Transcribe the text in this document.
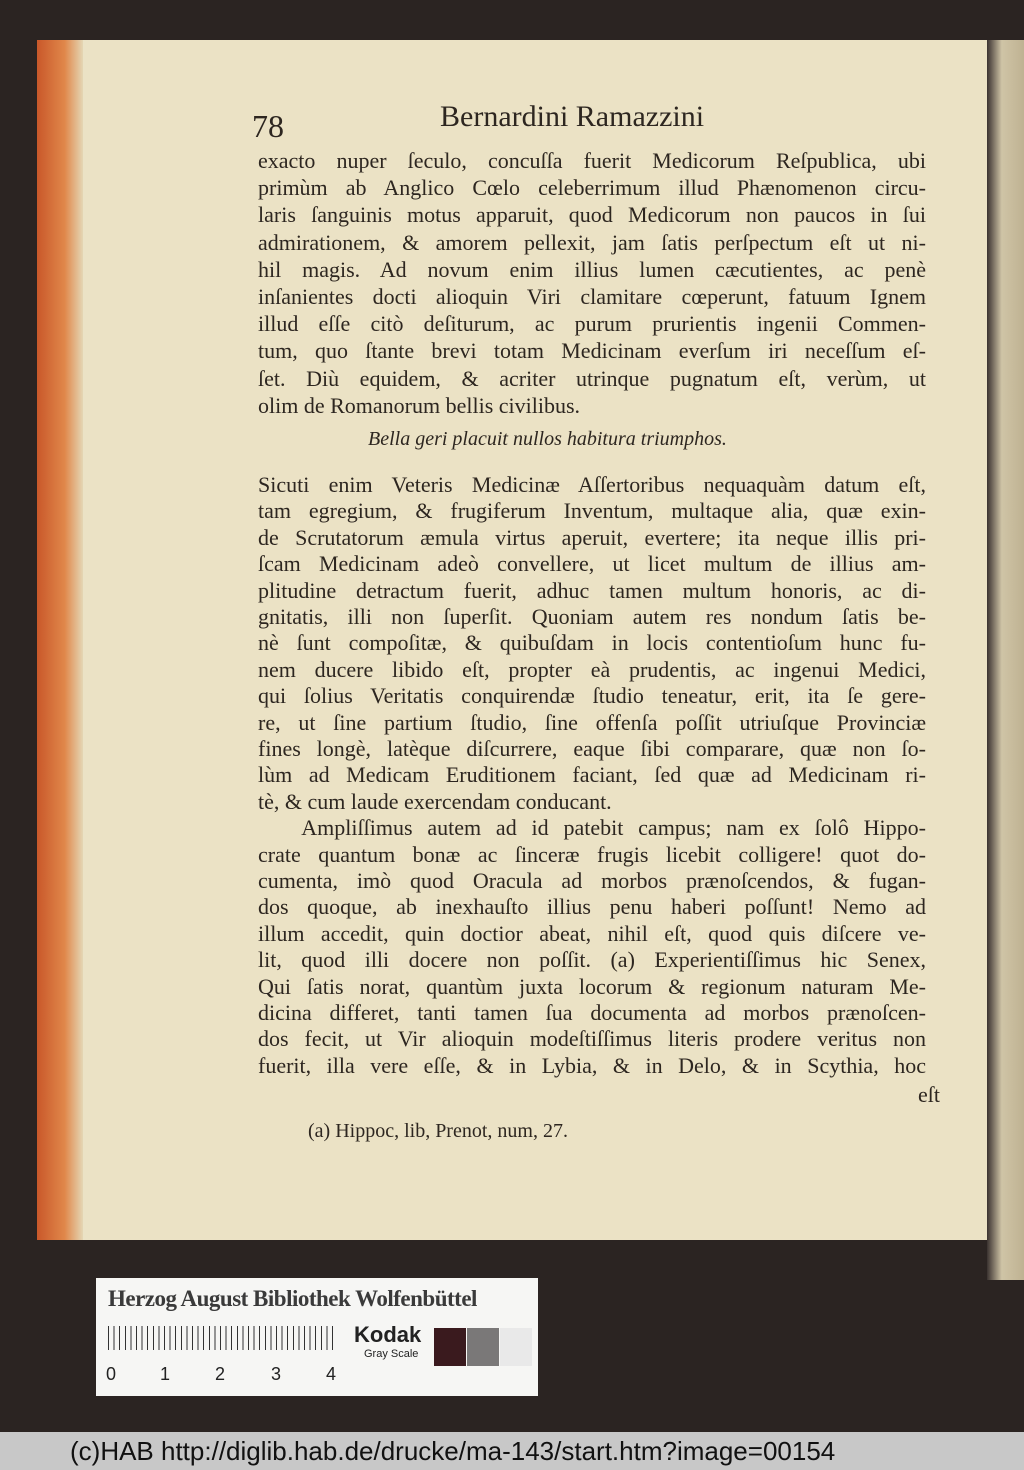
78	Bernardini Ramazzini
exacto nuper ſeculo, concuſſa fuerit Medicorum Reſpublica, ubi
primùm ab Anglico Cœlo celeberrimum illud Phænomenon circu-
laris ſanguinis motus apparuit, quod Medicorum non paucos in ſui
admirationem, & amorem pellexit, jam ſatis perſpectum eſt ut ni-
hil magis. Ad novum enim illius lumen cæcutientes, ac penè
inſanientes docti alioquin Viri clamitare cœperunt, fatuum Ignem
illud eſſe citò deſiturum, ac purum prurientis ingenii Commen-
tum, quo ſtante brevi totam Medicinam everſum iri neceſſum eſ-
ſet. Diù equidem, & acriter utrinque pugnatum eſt, verùm, ut
olim de Romanorum bellis civilibus.
Bella geri placuit nullos habitura triumphos.
Sicuti enim Veteris Medicinæ Aſſertoribus nequaquàm datum eſt,
tam egregium, & frugiferum Inventum, multaque alia, quæ exin-
de Scrutatorum æmula virtus aperuit, evertere; ita neque illis pri-
ſcam Medicinam adeò convellere, ut licet multum de illius am-
plitudine detractum fuerit, adhuc tamen multum honoris, ac di-
gnitatis, illi non ſuperſit. Quoniam autem res nondum ſatis be-
nè ſunt compoſitæ, & quibuſdam in locis contentioſum hunc fu-
nem ducere libido eſt, propter eà prudentis, ac ingenui Medici,
qui ſolius Veritatis conquirendæ ſtudio teneatur, erit, ita ſe gere-
re, ut ſine partium ſtudio, ſine offenſa poſſit utriuſque Provinciæ
fines longè, latèque diſcurrere, eaque ſibi comparare, quæ non ſo-
lùm ad Medicam Eruditionem faciant, ſed quæ ad Medicinam ri-
tè, & cum laude exercendam conducant.
Ampliſſimus autem ad id patebit campus; nam ex ſolô Hippo-
crate quantum bonæ ac ſinceræ frugis licebit colligere! quot do-
cumenta, imò quod Oracula ad morbos prænoſcendos, & fugan-
dos quoque, ab inexhauſto illius penu haberi poſſunt! Nemo ad
illum accedit, quin doctior abeat, nihil eſt, quod quis diſcere ve-
lit, quod illi docere non poſſit. (a) Experientiſſimus hic Senex,
Qui ſatis norat, quantùm juxta locorum & regionum naturam Me-
dicina differet, tanti tamen ſua documenta ad morbos prænoſcen-
dos fecit, ut Vir alioquin modeſtiſſimus literis prodere veritus non
fuerit, illa vere eſſe, & in Lybia, & in Delo, & in Scythia, hoc
eſt
(a) Hippoc, lib, Prenot, num, 27.
Herzog August Bibliothek Wolfenbüttel
0 1 2	3 4
Kodak
Gray Scale
(c)HAB http://diglib.hab.de/drucke/ma-143/start.htm?image=00154
